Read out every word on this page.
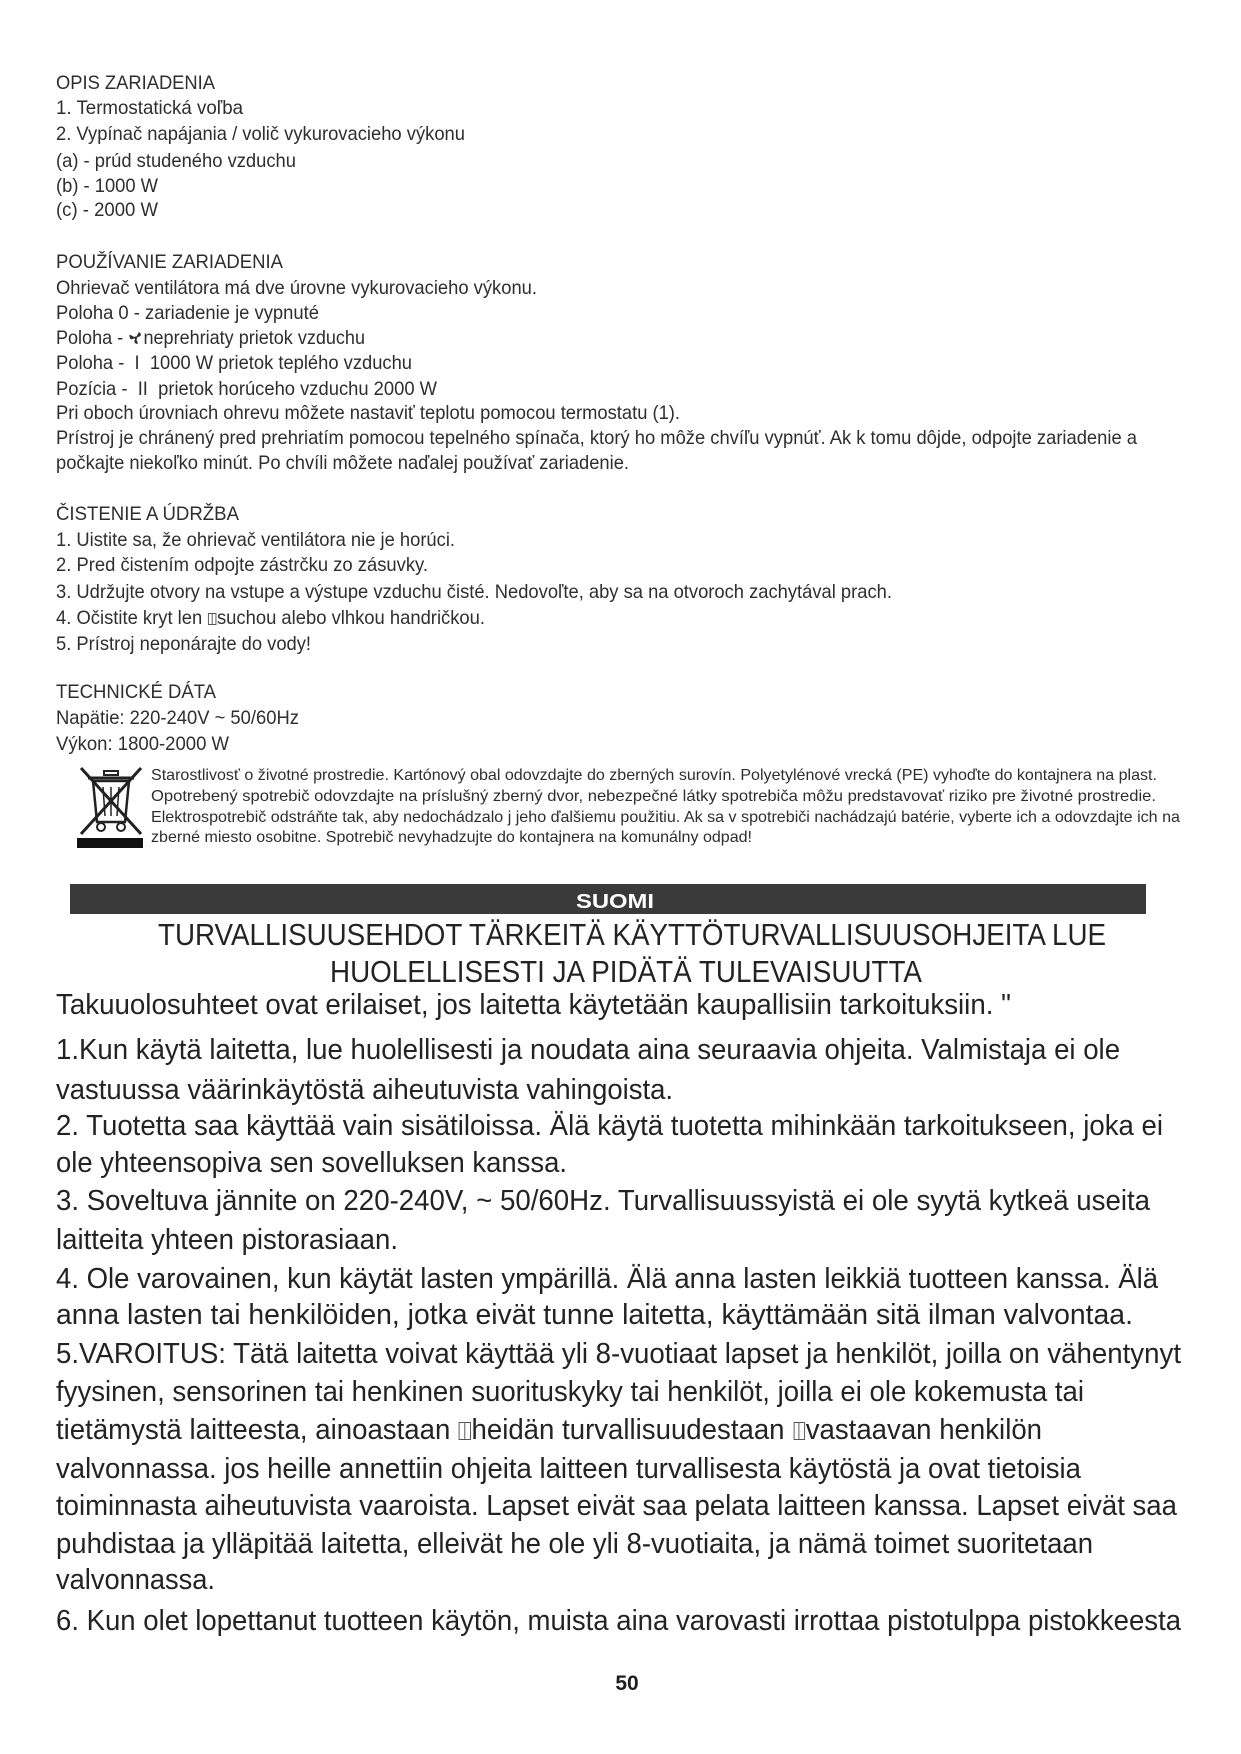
OPIS ZARIADENIA
1. Termostatická voľba
2. Vypínač napájania / volič vykurovacieho výkonu
(a) - prúd studeného vzduchu
(b) - 1000 W
(c) - 2000 W
POUŽÍVANIE ZARIADENIA
Ohrievač ventilátora má dve úrovne vykurovacieho výkonu.
Poloha 0 - zariadenie je vypnuté
Poloha - neprehriaty prietok vzduchu
Poloha -  I  1000 W prietok teplého vzduchu
Pozícia -  II  prietok horúceho vzduchu 2000 W
Pri oboch úrovniach ohrevu môžete nastaviť teplotu pomocou termostatu (1).
Prístroj je chránený pred prehriatím pomocou tepelného spínača, ktorý ho môže chvíľu vypnúť. Ak k tomu dôjde, odpojte zariadenie a
počkajte niekoľko minút. Po chvíli môžete naďalej používať zariadenie.
ČISTENIE A ÚDRŽBA
1. Uistite sa, že ohrievač ventilátora nie je horúci.
2. Pred čistením odpojte zástrčku zo zásuvky.
3. Udržujte otvory na vstupe a výstupe vzduchu čisté. Nedovoľte, aby sa na otvoroch zachytával prach.
4. Očistite kryt len suchou alebo vlhkou handričkou.
5. Prístroj neponárajte do vody!
TECHNICKÉ DÁTA
Napätie: 220-240V ~ 50/60Hz
Výkon: 1800-2000 W
Starostlivosť o životné prostredie. Kartónový obal odovzdajte do zberných surovín. Polyetylénové vrecká (PE) vyhoďte do kontajnera na plast.
Opotrebený spotrebič odovzdajte na príslušný zberný dvor, nebezpečné látky spotrebiča môžu predstavovať riziko pre životné prostredie.
Elektrospotrebič odstráňte tak, aby nedochádzalo j jeho ďalšiemu použitiu. Ak sa v spotrebiči nachádzajú batérie, vyberte ich a odovzdajte ich na
zberné miesto osobitne. Spotrebič nevyhadzujte do kontajnera na komunálny odpad!
SUOMI
TURVALLISUUSEHDOT TÄRKEITÄ KÄYTTÖTURVALLISUUSOHJEITA LUE
HUOLELLISESTI JA PIDÄTÄ TULEVAISUUTTA
Takuuolosuhteet ovat erilaiset, jos laitetta käytetään kaupallisiin tarkoituksiin. "
1.Kun käytä laitetta, lue huolellisesti ja noudata aina seuraavia ohjeita. Valmistaja ei ole
vastuussa väärinkäytöstä aiheutuvista vahingoista.
2. Tuotetta saa käyttää vain sisätiloissa. Älä käytä tuotetta mihinkään tarkoitukseen, joka ei
ole yhteensopiva sen sovelluksen kanssa.
3. Soveltuva jännite on 220-240V, ~ 50/60Hz. Turvallisuussyistä ei ole syytä kytkeä useita
laitteita yhteen pistorasiaan.
4. Ole varovainen, kun käytät lasten ympärillä. Älä anna lasten leikkiä tuotteen kanssa. Älä
anna lasten tai henkilöiden, jotka eivät tunne laitetta, käyttämään sitä ilman valvontaa.
5.VAROITUS: Tätä laitetta voivat käyttää yli 8-vuotiaat lapset ja henkilöt, joilla on vähentynyt
fyysinen, sensorinen tai henkinen suorituskyky tai henkilöt, joilla ei ole kokemusta tai
tietämystä laitteesta, ainoastaan heidän turvallisuudestaan vastaavan henkilön
valvonnassa. jos heille annettiin ohjeita laitteen turvallisesta käytöstä ja ovat tietoisia
toiminnasta aiheutuvista vaaroista. Lapset eivät saa pelata laitteen kanssa. Lapset eivät saa
puhdistaa ja ylläpitää laitetta, elleivät he ole yli 8-vuotiaita, ja nämä toimet suoritetaan
valvonnassa.
6. Kun olet lopettanut tuotteen käytön, muista aina varovasti irrottaa pistotulppa pistokkeesta
50
